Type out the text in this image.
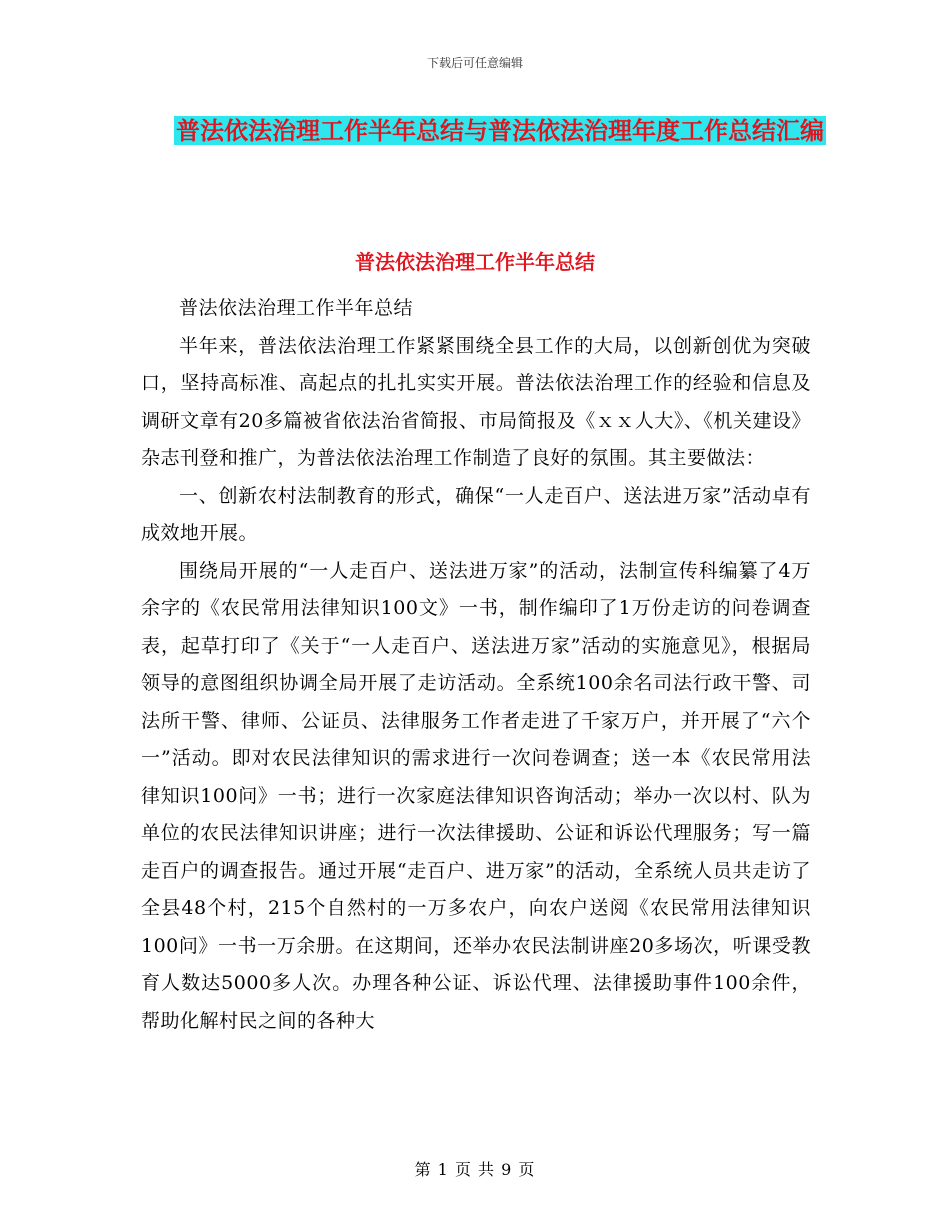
下载后可任意编辑
普法依法治理工作半年总结与普法依法治理年度工作总结汇编
普法依法治理工作半年总结

普法依法治理工作半年总结

半年来，普法依法治理工作紧紧围绕全县工作的大局，以创新创优为突破口，坚持高标准、高起点的扎扎实实开展。普法依法治理工作的经验和信息及调研文章有20多篇被省依法治省简报、市局简报及《ｘｘ人大》、《机关建设》杂志刊登和推广，为普法依法治理工作制造了良好的氛围。其主要做法：

一、创新农村法制教育的形式，确保“一人走百户、送法进万家”活动卓有成效地开展。

围绕局开展的“一人走百户、送法进万家”的活动，法制宣传科编纂了4万余字的《农民常用法律知识100文》一书，制作编印了1万份走访的问卷调查表，起草打印了《关于“一人走百户、送法进万家”活动的实施意见》，根据局领导的意图组织协调全局开展了走访活动。全系统100余名司法行政干警、司法所干警、律师、公证员、法律服务工作者走进了千家万户，并开展了“六个一”活动。即对农民法律知识的需求进行一次问卷调查；送一本《农民常用法律知识100问》一书；进行一次家庭法律知识咨询活动；举办一次以村、队为单位的农民法律知识讲座；进行一次法律援助、公证和诉讼代理服务；写一篇走百户的调查报告。通过开展“走百户、进万家”的活动，全系统人员共走访了全县48个村，215个自然村的一万多农户，向农户送阅《农民常用法律知识100问》一书一万余册。在这期间，还举办农民法制讲座20多场次，听课受教育人数达5000多人次。办理各种公证、诉讼代理、法律援助事件100余件，帮助化解村民之间的各种大

第 1 页 共 9 页
